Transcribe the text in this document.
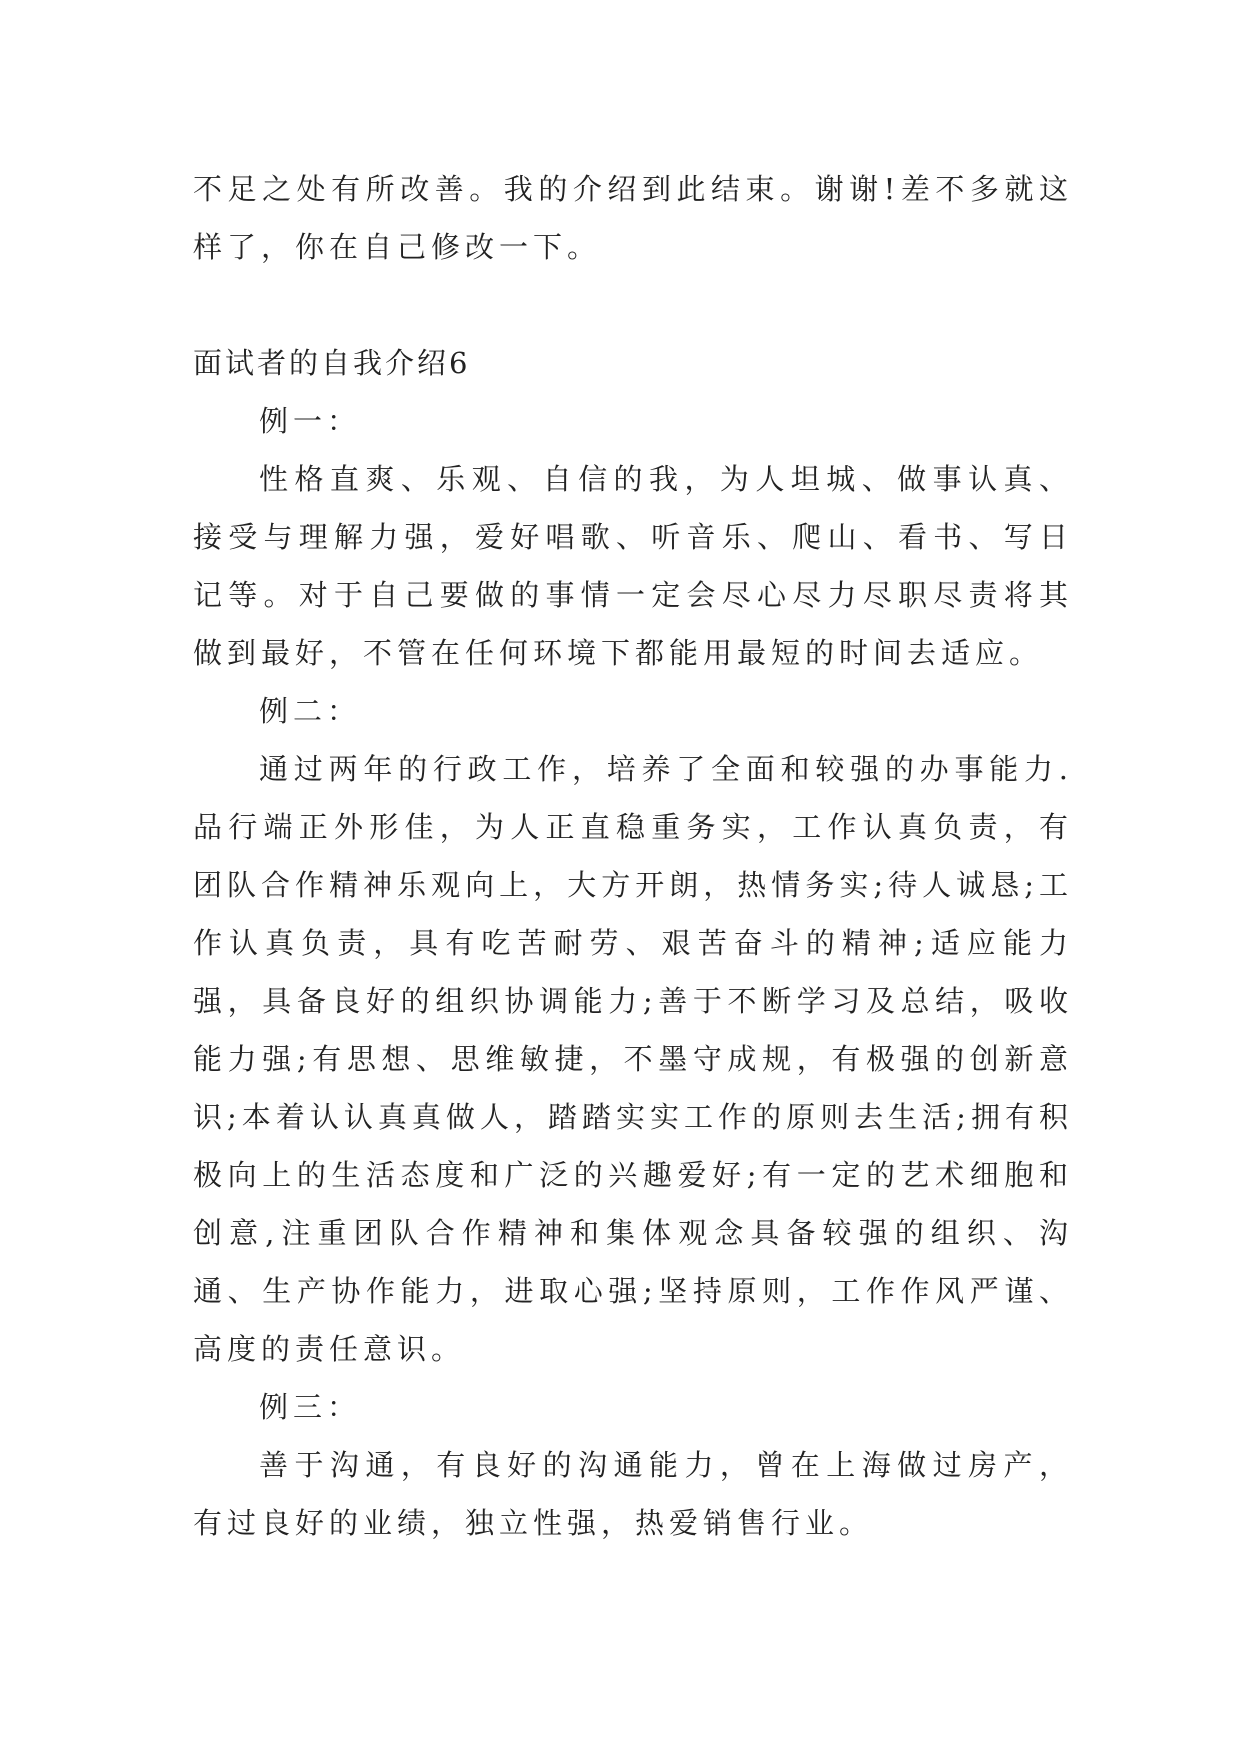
不足之处有所改善。我的介绍到此结束。谢谢!差不多就这样了，你在自己修改一下。

面试者的自我介绍6

例一：

性格直爽、乐观、自信的我，为人坦城、做事认真、接受与理解力强，爱好唱歌、听音乐、爬山、看书、写日记等。对于自己要做的事情一定会尽心尽力尽职尽责将其做到最好，不管在任何环境下都能用最短的时间去适应。

例二：

通过两年的行政工作，培养了全面和较强的办事能力.品行端正外形佳，为人正直稳重务实，工作认真负责，有团队合作精神乐观向上，大方开朗，热情务实;待人诚恳;工作认真负责，具有吃苦耐劳、艰苦奋斗的精神;适应能力强，具备良好的组织协调能力;善于不断学习及总结，吸收能力强;有思想、思维敏捷，不墨守成规，有极强的创新意识;本着认认真真做人，踏踏实实工作的原则去生活;拥有积极向上的生活态度和广泛的兴趣爱好;有一定的艺术细胞和创意,注重团队合作精神和集体观念具备较强的组织、沟通、生产协作能力，进取心强;坚持原则，工作作风严谨、高度的责任意识。

例三：

善于沟通，有良好的沟通能力，曾在上海做过房产，有过良好的业绩，独立性强，热爱销售行业。
